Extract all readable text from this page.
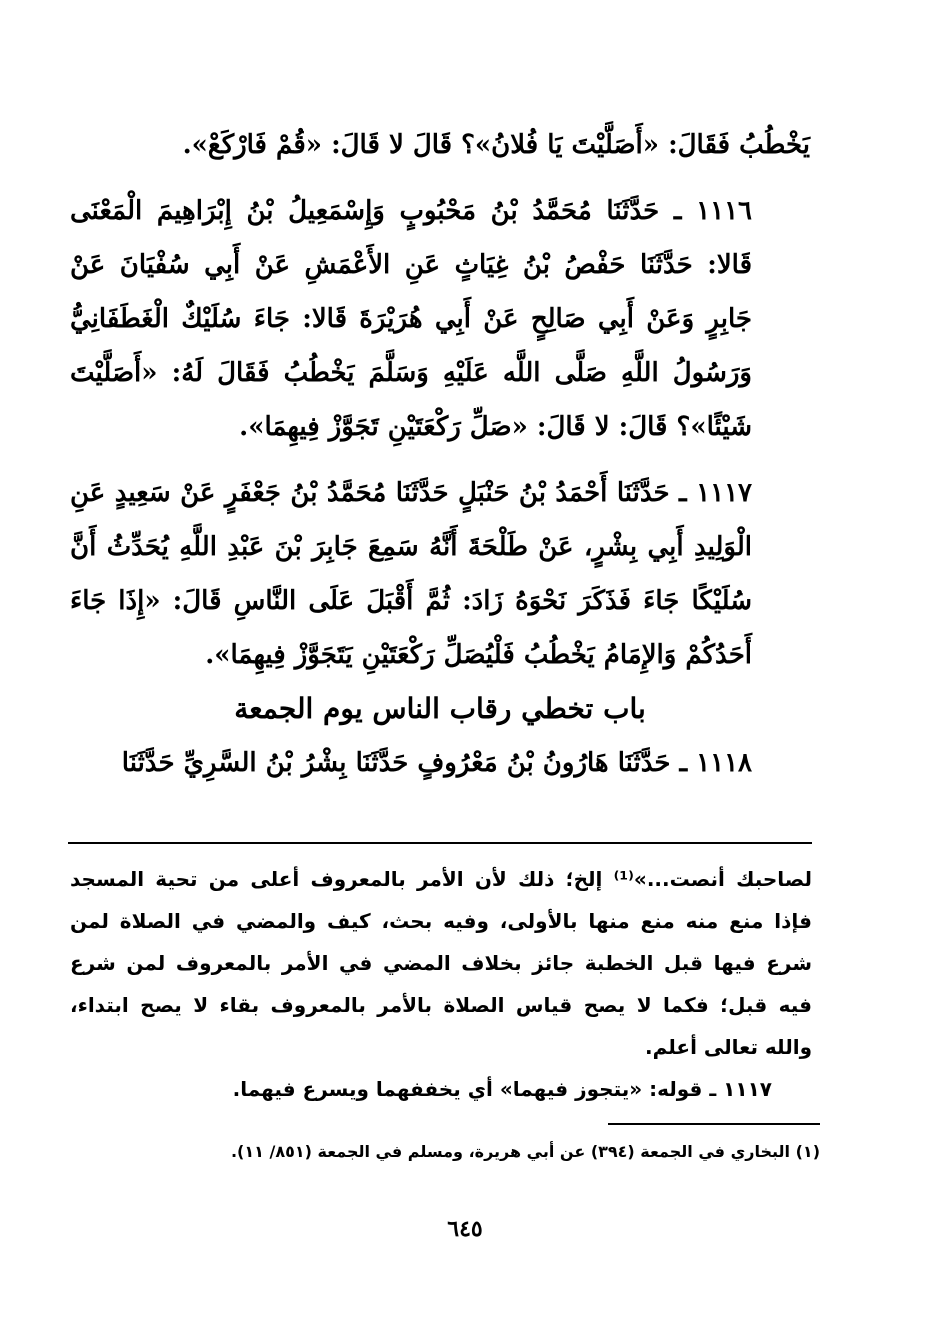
يَخْطُبُ فَقَالَ: «أَصَلَّيْتَ يَا فُلانُ»؟ قَالَ لا قَالَ: «قُمْ فَارْكَعْ».

١١١٦ ـ حَدَّثَنَا مُحَمَّدُ بْنُ مَحْبُوبٍ وَإِسْمَعِيلُ بْنُ إِبْرَاهِيمَ الْمَعْنَى قَالا: حَدَّثَنَا حَفْصُ بْنُ غِيَاثٍ عَنِ الأَعْمَشِ عَنْ أَبِي سُفْيَانَ عَنْ جَابِرٍ وَعَنْ أَبِي صَالِحٍ عَنْ أَبِي هُرَيْرَةَ قَالا: جَاءَ سُلَيْكٌ الْغَطَفَانِيُّ وَرَسُولُ اللَّهِ صَلَّى اللَّه عَلَيْهِ وَسَلَّمَ يَخْطُبُ فَقَالَ لَهُ: «أَصَلَّيْتَ شَيْئًا»؟ قَالَ: لا قَالَ: «صَلِّ رَكْعَتَيْنِ تَجَوَّزْ فِيهِمَا».

١١١٧ ـ حَدَّثَنَا أَحْمَدُ بْنُ حَنْبَلٍ حَدَّثَنَا مُحَمَّدُ بْنُ جَعْفَرٍ عَنْ سَعِيدٍ عَنِ الْوَلِيدِ أَبِي بِشْرٍ، عَنْ طَلْحَةَ أَنَّهُ سَمِعَ جَابِرَ بْنَ عَبْدِ اللَّهِ يُحَدِّثُ أَنَّ سُلَيْكًا جَاءَ فَذَكَرَ نَحْوَهُ زَادَ: ثُمَّ أَقْبَلَ عَلَى النَّاسِ قَالَ: «إِذَا جَاءَ أَحَدُكُمْ وَالإِمَامُ يَخْطُبُ فَلْيُصَلِّ رَكْعَتَيْنِ يَتَجَوَّزْ فِيهِمَا».

باب تخطي رقاب الناس يوم الجمعة

١١١٨ ـ حَدَّثَنَا هَارُونُ بْنُ مَعْرُوفٍ حَدَّثَنَا بِشْرُ بْنُ السَّرِيِّ حَدَّثَنَا

لصاحبك أنصت...»⁽¹⁾ إلخ؛ ذلك لأن الأمر بالمعروف أعلى من تحية المسجد فإذا منع منه منع منها بالأولى، وفيه بحث، كيف والمضي في الصلاة لمن شرع فيها قبل الخطبة جائز بخلاف المضي في الأمر بالمعروف لمن شرع فيه قبل؛ فكما لا يصح قياس الصلاة بالأمر بالمعروف بقاء لا يصح ابتداء، والله تعالى أعلم.

١١١٧ ـ قوله: «يتجوز فيهما» أي يخففهما ويسرع فيهما.

(١) البخاري في الجمعة (٣٩٤) عن أبي هريرة، ومسلم في الجمعة (٨٥١/ ١١).
٦٤٥
